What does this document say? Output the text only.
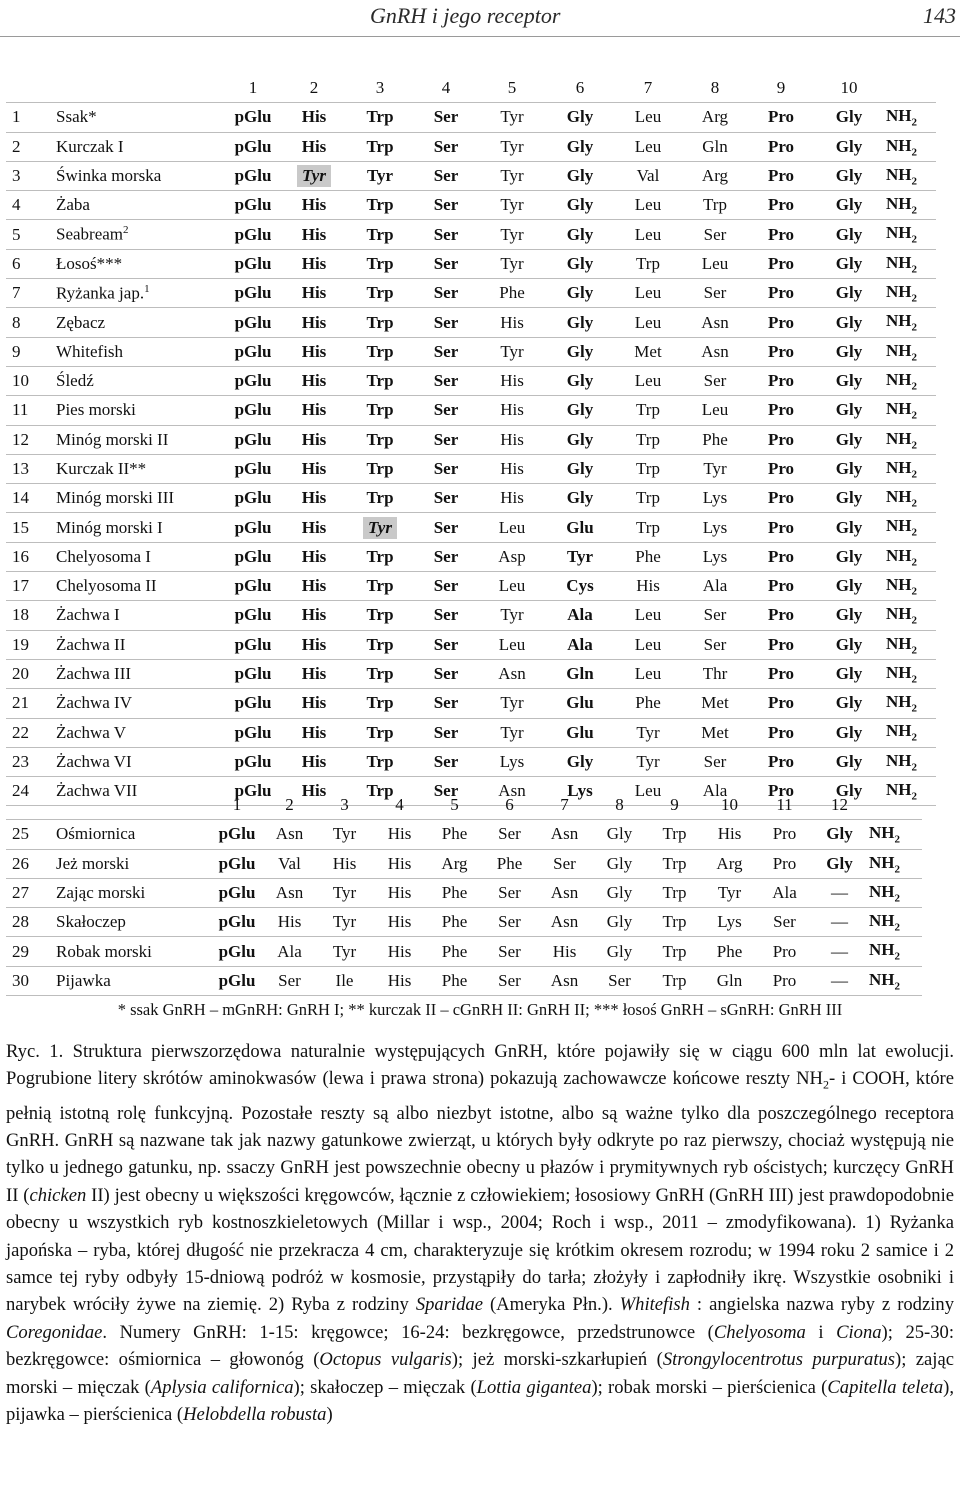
GnRH i jego receptor	143
		1	2	3	4	5	6	7	8	9	10	
1	Ssak*	pGlu	His	Trp	Ser	Tyr	Gly	Leu	Arg	Pro	Gly	$NH_2$
2	Kurczak I	pGlu	His	Trp	Ser	Tyr	Gly	Leu	Gln	Pro	Gly	$NH_2$
3	Świnka morska	pGlu	Tyr	Tyr	Ser	Tyr	Gly	Val	Arg	Pro	Gly	$NH_2$
4	Żaba	pGlu	His	Trp	Ser	Tyr	Gly	Leu	Trp	Pro	Gly	$NH_2$
5	Seabream$^2$	pGlu	His	Trp	Ser	Tyr	Gly	Leu	Ser	Pro	Gly	$NH_2$
6	Łosoś***	pGlu	His	Trp	Ser	Tyr	Gly	Trp	Leu	Pro	Gly	$NH_2$
7	Ryżanka jap.$^1$	pGlu	His	Trp	Ser	Phe	Gly	Leu	Ser	Pro	Gly	$NH_2$
8	Zębacz	pGlu	His	Trp	Ser	His	Gly	Leu	Asn	Pro	Gly	$NH_2$
9	Whitefish	pGlu	His	Trp	Ser	Tyr	Gly	Met	Asn	Pro	Gly	$NH_2$
10	Śledź	pGlu	His	Trp	Ser	His	Gly	Leu	Ser	Pro	Gly	$NH_2$
11	Pies morski	pGlu	His	Trp	Ser	His	Gly	Trp	Leu	Pro	Gly	$NH_2$
12	Minóg morski II	pGlu	His	Trp	Ser	His	Gly	Trp	Phe	Pro	Gly	$NH_2$
13	Kurczak II**	pGlu	His	Trp	Ser	His	Gly	Trp	Tyr	Pro	Gly	$NH_2$
14	Minóg morski III	pGlu	His	Trp	Ser	His	Gly	Trp	Lys	Pro	Gly	$NH_2$
15	Minóg morski I	pGlu	His	Tyr	Ser	Leu	Glu	Trp	Lys	Pro	Gly	$NH_2$
16	Chelyosoma I	pGlu	His	Trp	Ser	Asp	Tyr	Phe	Lys	Pro	Gly	$NH_2$
17	Chelyosoma II	pGlu	His	Trp	Ser	Leu	Cys	His	Ala	Pro	Gly	$NH_2$
18	Żachwa I	pGlu	His	Trp	Ser	Tyr	Ala	Leu	Ser	Pro	Gly	$NH_2$
19	Żachwa II	pGlu	His	Trp	Ser	Leu	Ala	Leu	Ser	Pro	Gly	$NH_2$
20	Żachwa III	pGlu	His	Trp	Ser	Asn	Gln	Leu	Thr	Pro	Gly	$NH_2$
21	Żachwa IV	pGlu	His	Trp	Ser	Tyr	Glu	Phe	Met	Pro	Gly	$NH_2$
22	Żachwa V	pGlu	His	Trp	Ser	Tyr	Glu	Tyr	Met	Pro	Gly	$NH_2$
23	Żachwa VI	pGlu	His	Trp	Ser	Lys	Gly	Tyr	Ser	Pro	Gly	$NH_2$
24	Żachwa VII	pGlu	His	Trp	Ser	Asn	Lys	Leu	Ala	Pro	Gly	$NH_2$
		1	2	3	4	5	6	7	8	9	10	11	12	
25	Ośmiornica	pGlu	Asn	Tyr	His	Phe	Ser	Asn	Gly	Trp	His	Pro	Gly	$NH_2$
26	Jeż morski	pGlu	Val	His	His	Arg	Phe	Ser	Gly	Trp	Arg	Pro	Gly	$NH_2$
27	Zając morski	pGlu	Asn	Tyr	His	Phe	Ser	Asn	Gly	Trp	Tyr	Ala	—	$NH_2$
28	Skałoczep	pGlu	His	Tyr	His	Phe	Ser	Asn	Gly	Trp	Lys	Ser	—	$NH_2$
29	Robak morski	pGlu	Ala	Tyr	His	Phe	Ser	His	Gly	Trp	Phe	Pro	—	$NH_2$
30	Pijawka	pGlu	Ser	Ile	His	Phe	Ser	Asn	Ser	Trp	Gln	Pro	—	$NH_2$
* ssak GnRH – mGnRH: GnRH I; ** kurczak II – cGnRH II: GnRH II; *** łosoś GnRH – sGnRH: GnRH III
Ryc. 1. Struktura pierwszorzędowa naturalnie występujących GnRH, które pojawiły się w ciągu 600 mln lat ewolucji. Pogrubione litery skrótów aminokwasów (lewa i prawa strona) pokazują zachowawcze końcowe reszty $NH_2-$ i COOH, które pełnią istotną rolę funkcyjną. Pozostałe reszty są albo niezbyt istotne, albo są ważne tylko dla poszczególnego receptora GnRH. GnRH są nazwane tak jak nazwy gatunkowe zwierząt, u których były odkryte po raz pierwszy, chociaż występują nie tylko u jednego gatunku, np. ssaczy GnRH jest powszechnie obecny u płazów i prymitywnych ryb ościstych; kurczęcy GnRH II (chicken II) jest obecny u większości kręgowców, łącznie z człowiekiem; łososiowy GnRH (GnRH III) jest prawdopodobnie obecny u wszystkich ryb kostnoszkieletowych (Millar i wsp., 2004; Roch i wsp., 2011 – zmodyfikowana). 1) Ryżanka japońska – ryba, której długość nie przekracza 4 cm, charakteryzuje się krótkim okresem rozrodu; w 1994 roku 2 samice i 2 samce tej ryby odbyły 15-dniową podróż w kosmosie, przystąpiły do tarła; złożyły i zapłodniły ikrę. Wszystkie osobniki i narybek wróciły żywe na ziemię. 2) Ryba z rodziny Sparidae (Ameryka Płn.). Whitefish : angielska nazwa ryby z rodziny Coregonidae. Numery GnRH: 1-15: kręgowce; 16-24: bezkręgowce, przedstrunowce (Chelyosoma i Ciona); 25-30: bezkręgowce: ośmiornica – głowonóg (Octopus vulgaris); jeż morski-szkarłupień (Strongylocentrotus purpuratus); zając morski – mięczak (Aplysia californica); skałoczep – mięczak (Lottia gigantea); robak morski – pierścienica (Capitella teleta), pijawka – pierścienica (Helobdella robusta)
